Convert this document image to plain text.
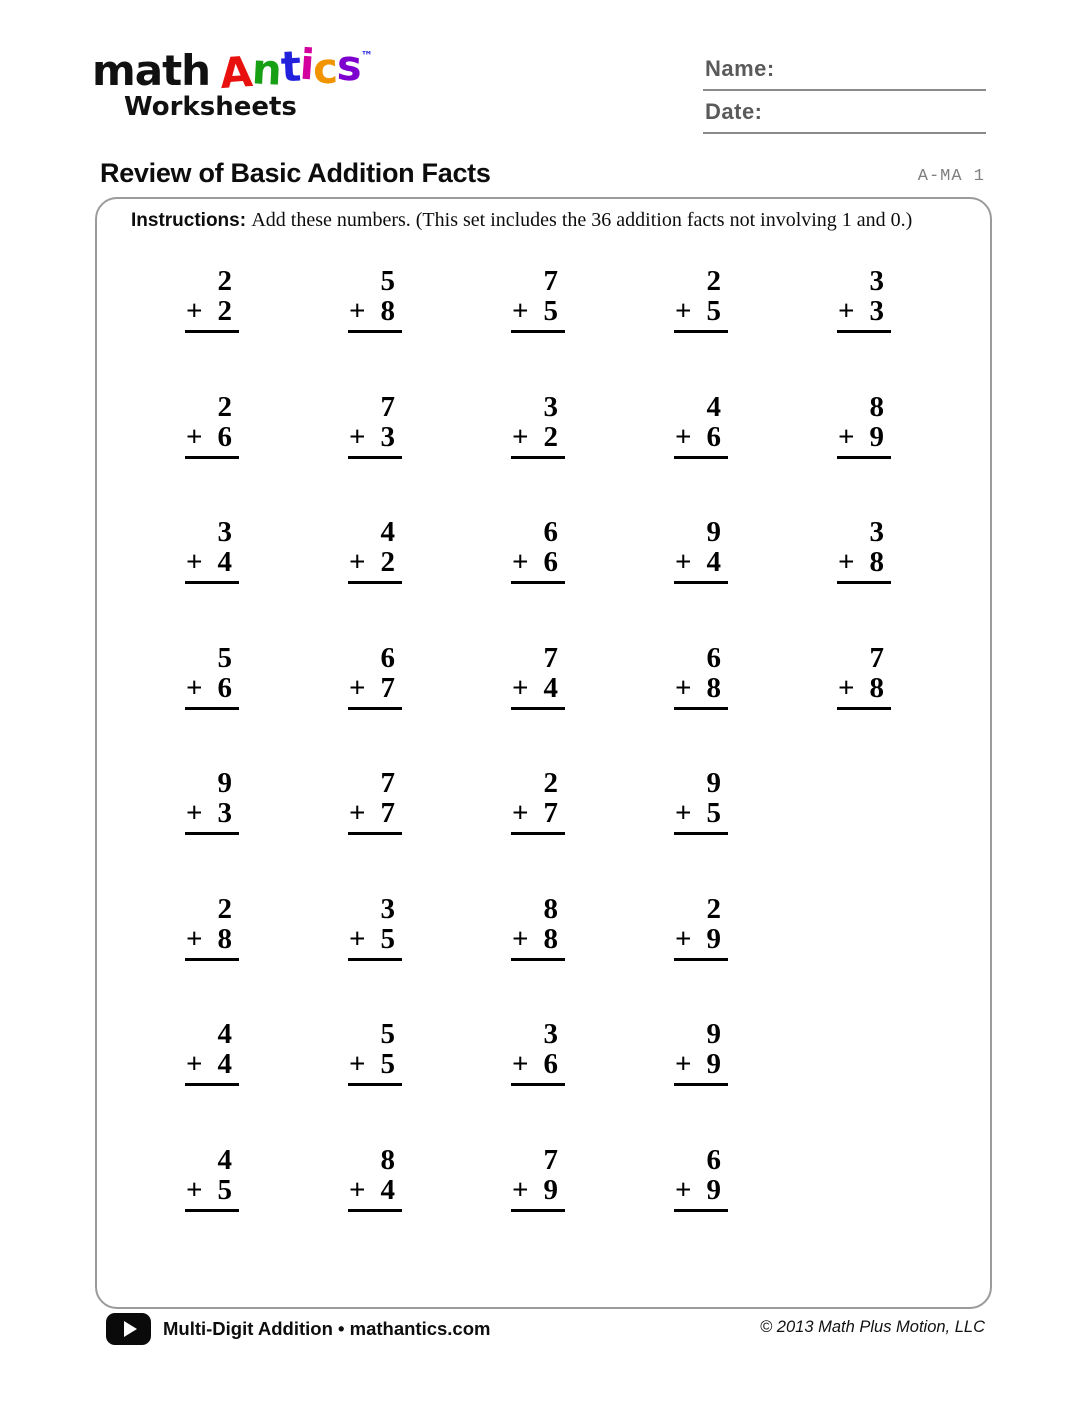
math Antics™
Worksheets
Name:
Date:
Review of Basic Addition Facts	A-MA 1

Instructions: Add these numbers. (This set includes the 36 addition facts not involving 1 and 0.)

2
+ 2
5
+ 8
7
+ 5
2
+ 5
3
+ 3
2
+ 6
7
+ 3
3
+ 2
4
+ 6
8
+ 9
3
+ 4
4
+ 2
6
+ 6
9
+ 4
3
+ 8
5
+ 6
6
+ 7
7
+ 4
6
+ 8
7
+ 8
9
+ 3
7
+ 7
2
+ 7
9
+ 5
2
+ 8
3
+ 5
8
+ 8
2
+ 9
4
+ 4
5
+ 5
3
+ 6
9
+ 9
4
+ 5
8
+ 4
7
+ 9
6
+ 9
Multi-Digit Addition • mathantics.com	© 2013 Math Plus Motion, LLC
